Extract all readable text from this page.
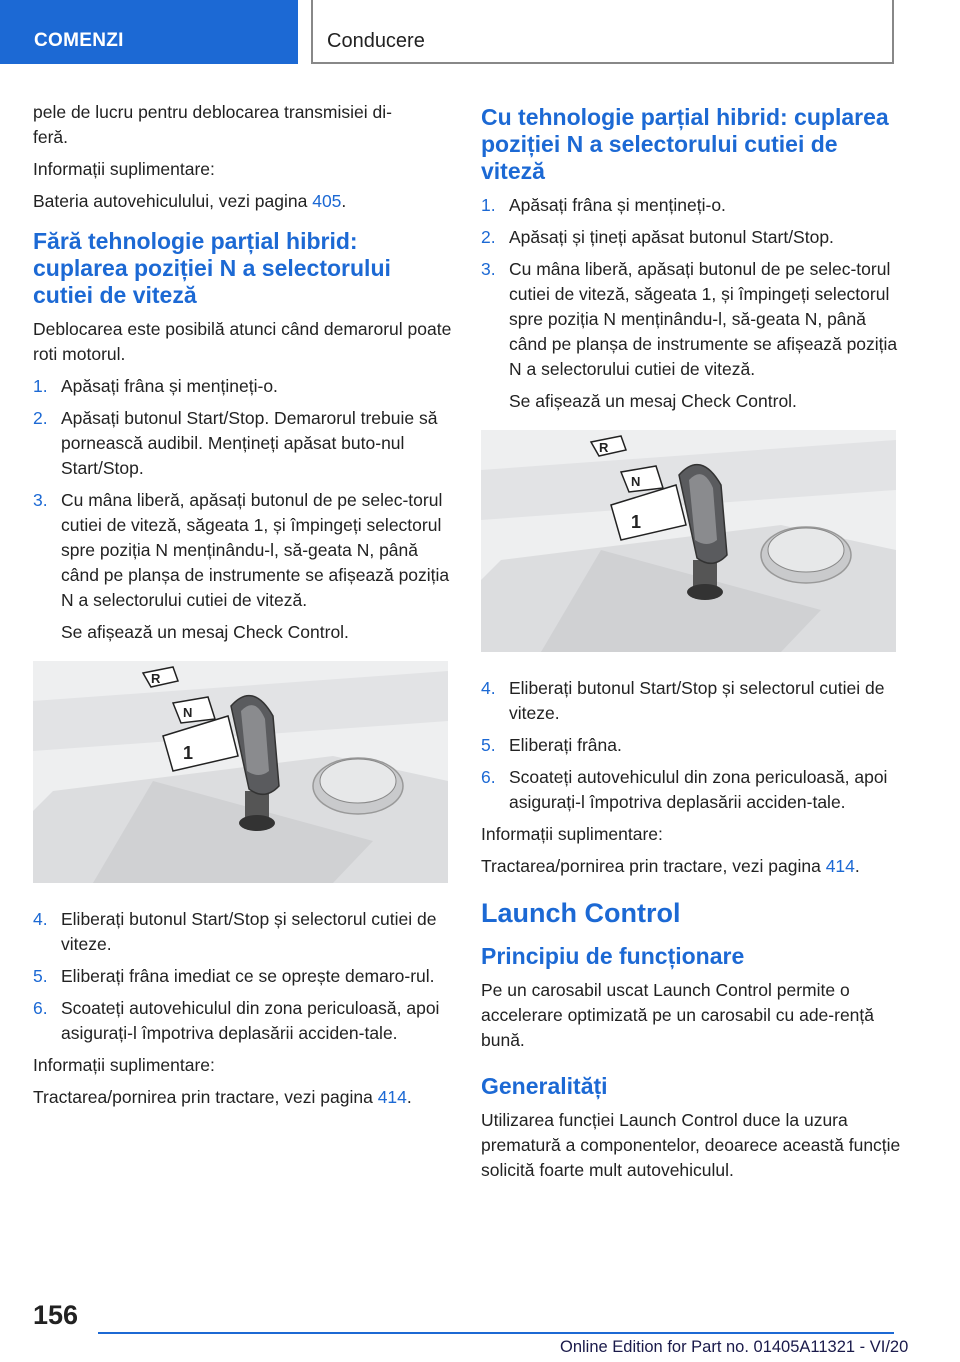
COMENZI	Conducere

pele de lucru pentru deblocarea transmisiei di-
feră.

Informații suplimentare:

Bateria autovehiculului, vezi pagina 405.

Fără tehnologie parțial hibrid: cuplarea poziției N a selectorului cutiei de viteză

Deblocarea este posibilă atunci când demarorul poate roti motorul.

1. Apăsați frâna și mențineți-o.
2. Apăsați butonul Start/Stop. Demarorul trebuie să pornească audibil. Mențineți apăsat buto-nul Start/Stop.
3. Cu mâna liberă, apăsați butonul de pe selec-torul cutiei de viteză, săgeata 1, și împingeți selectorul spre poziția N menținându-l, să-geata N, până când pe planșa de instrumente se afișează poziția N a selectorului cutiei de viteză.

Se afișează un mesaj Check Control.

R
N
1
4. Eliberați butonul Start/Stop și selectorul cutiei de viteze.
5. Eliberați frâna imediat ce se oprește demaro-rul.
6. Scoateți autovehiculul din zona periculoasă, apoi asigurați-l împotriva deplasării acciden-tale.

Informații suplimentare:

Tractarea/pornirea prin tractare, vezi pagina 414.

Cu tehnologie parțial hibrid: cuplarea poziției N a selectorului cutiei de viteză
1. Apăsați frâna și mențineți-o.
2. Apăsați și țineți apăsat butonul Start/Stop.
3. Cu mâna liberă, apăsați butonul de pe selec-torul cutiei de viteză, săgeata 1, și împingeți selectorul spre poziția N menținându-l, să-geata N, până când pe planșa de instrumente se afișează poziția N a selectorului cutiei de viteză.

Se afișează un mesaj Check Control.

R
N
1
4. Eliberați butonul Start/Stop și selectorul cutiei de viteze.
5. Eliberați frâna.
6. Scoateți autovehiculul din zona periculoasă, apoi asigurați-l împotriva deplasării acciden-tale.

Informații suplimentare:

Tractarea/pornirea prin tractare, vezi pagina 414.

Launch Control
Principiu de funcționare

Pe un carosabil uscat Launch Control permite o accelerare optimizată pe un carosabil cu ade-rență bună.

Generalități

Utilizarea funcției Launch Control duce la uzura prematură a componentelor, deoarece această funcție solicită foarte mult autovehiculul.

156
Online Edition for Part no. 01405A11321 - VI/20
